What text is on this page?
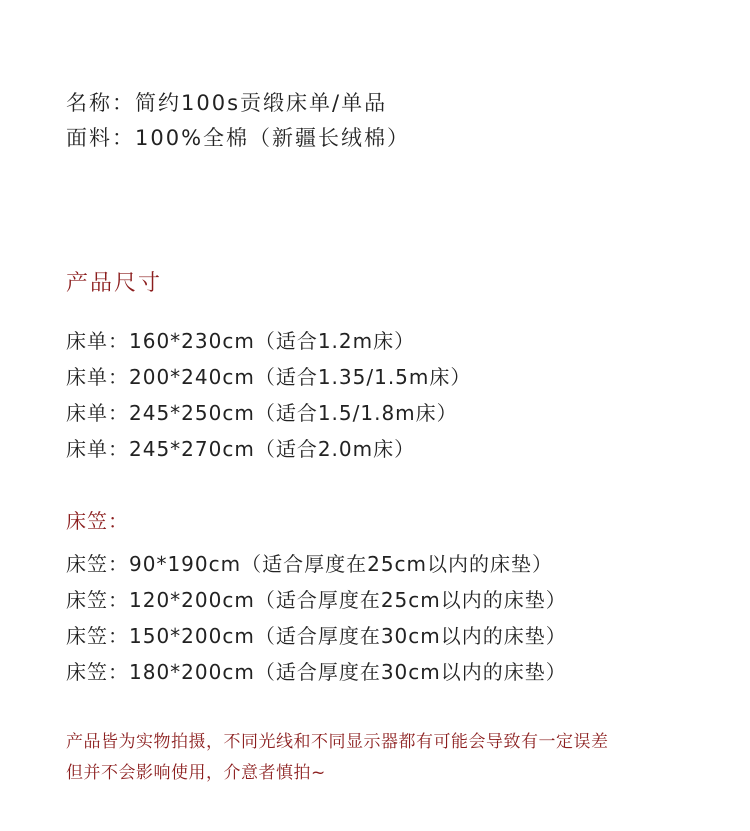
名称：简约100s贡缎床单/单品
面料：100%全棉（新疆长绒棉）
产品尺寸
床单：160*230cm（适合1.2m床）
床单：200*240cm（适合1.35/1.5m床）
床单：245*250cm（适合1.5/1.8m床）
床单：245*270cm（适合2.0m床）
床笠：
床笠：90*190cm（适合厚度在25cm以内的床垫）
床笠：120*200cm（适合厚度在25cm以内的床垫）
床笠：150*200cm（适合厚度在30cm以内的床垫）
床笠：180*200cm（适合厚度在30cm以内的床垫）
产品皆为实物拍摄，不同光线和不同显示器都有可能会导致有一定误差
但并不会影响使用，介意者慎拍~
